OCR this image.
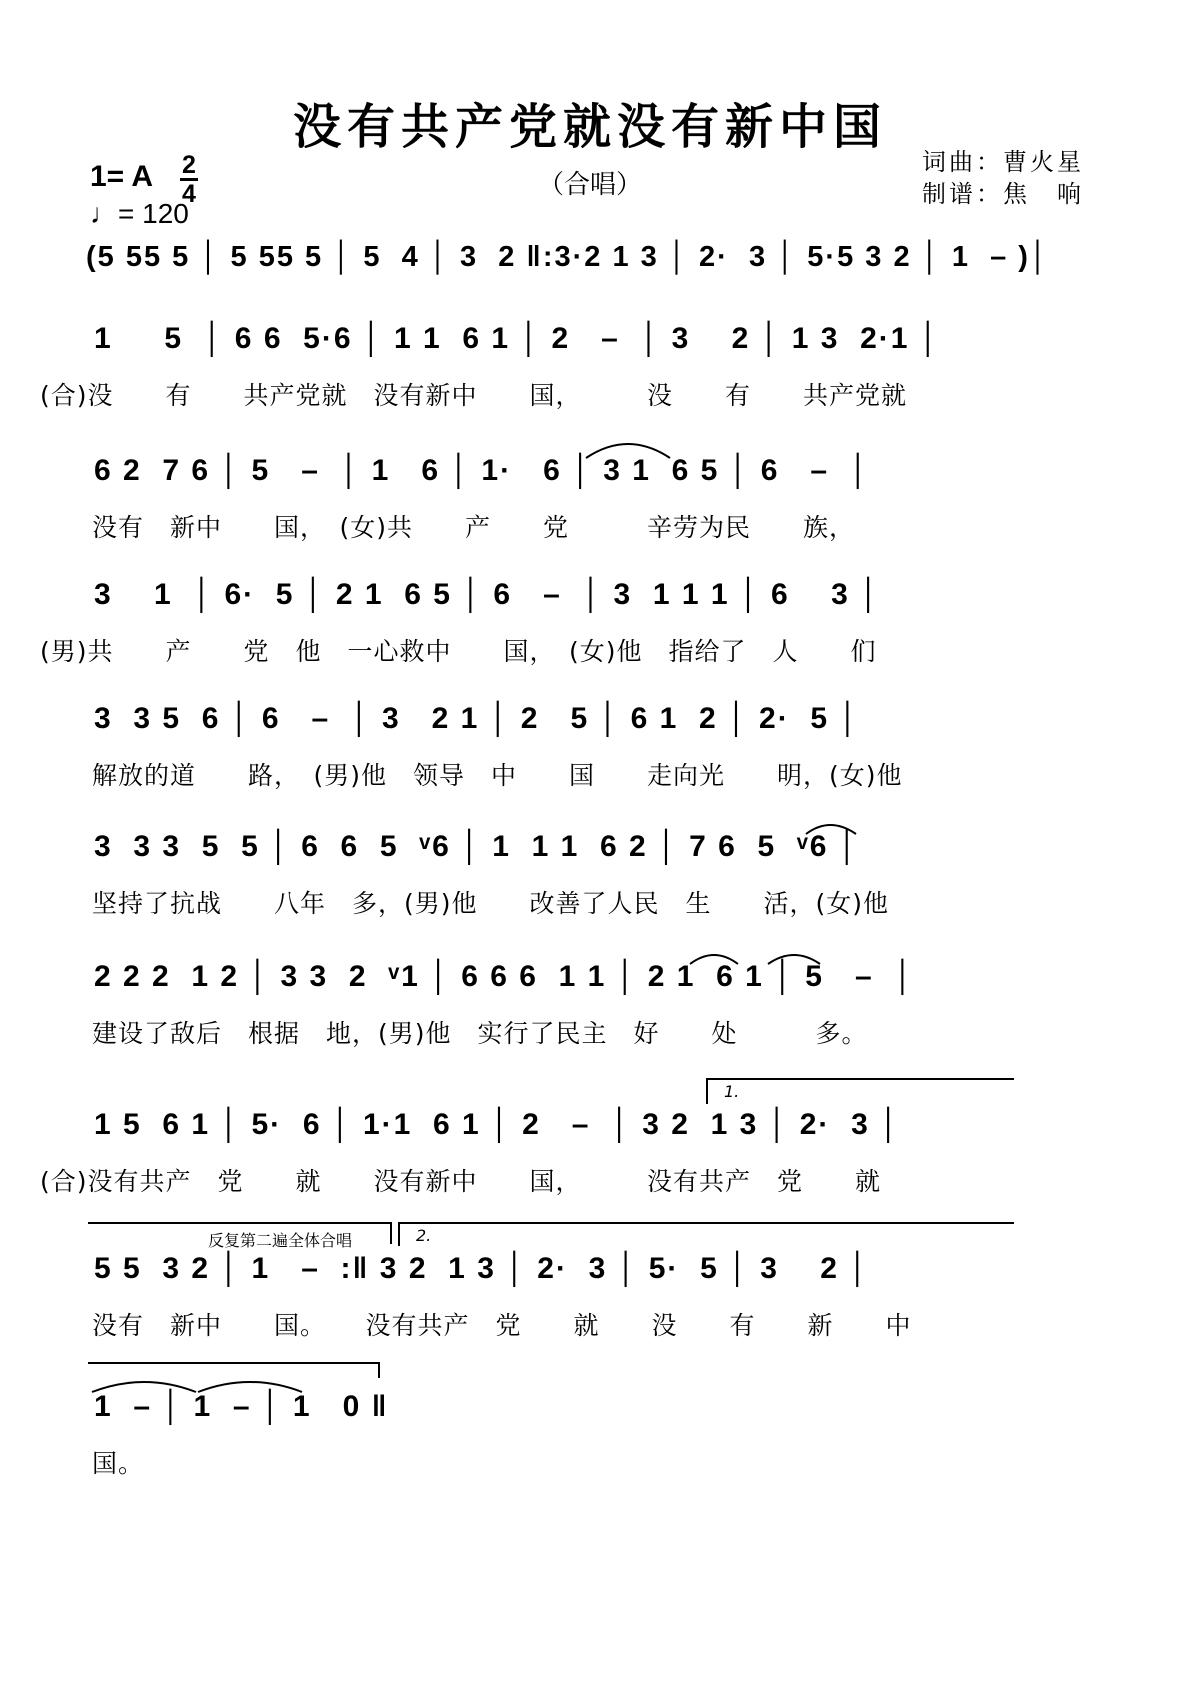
没有共产党就没有新中国
（合唱）
词曲：曹火星
制谱：焦　响
1= A 2
4
♩= 120
(5 55 5 │ 5 55 5 │ 5  4 │ 3  2 ‖:3·2 1 3 │ 2·  3 │ 5·5 3 2 │ 1  – )│
1     5  │ 6 6  5·6 │ 1 1  6 1 │ 2   –  │ 3    2 │ 1 3  2·1 │
(合)没　　有　　共产党就　没有新中　　国，　　　没　　有　　共产党就
6 2  7 6 │ 5   –  │ 1   6 │ 1·   6 │ 3 1  6 5 │ 6   –  │
没有　新中　　国，　(女)共　　产　　党　　　辛劳为民　　族，
3    1  │ 6·  5 │ 2 1  6 5 │ 6   –  │ 3  1 1 1 │ 6    3 │
(男)共　　产　　党　他　一心救中　　国，　(女)他　指给了　人　　们
3  3 5  6 │ 6   –  │ 3   2 1 │ 2   5 │ 6 1  2 │ 2·  5 │
解放的道　　路，　(男)他　领导　中　　国　　走向光　　明，(女)他
3  3 3  5  5 │ 6  6  5  ᵛ6 │ 1  1 1  6 2 │ 7 6  5  ᵛ6 │
坚持了抗战　　八年　多，(男)他　　改善了人民　生　　活，(女)他
2 2 2  1 2 │ 3 3  2  ᵛ1 │ 6 6 6  1 1 │ 2 1  6 1 │ 5   –  │
建设了敌后　根据　地，(男)他　实行了民主　好　　处　　　多。
1.
1 5  6 1 │ 5·  6 │ 1·1  6 1 │ 2   –  │ 3 2  1 3 │ 2·  3 │
(合)没有共产　党　　就　　没有新中　　国，　　　没有共产　党　　就
反复第二遍全体合唱	2.
5 5  3 2 │ 1   –  :‖ 3 2  1 3 │ 2·  3 │ 5·  5 │ 3    2 │
没有　新中　　国。　　没有共产　党　　就　　没　　有　　新　　中
1  – │ 1  – │ 1   0 ‖
国。
